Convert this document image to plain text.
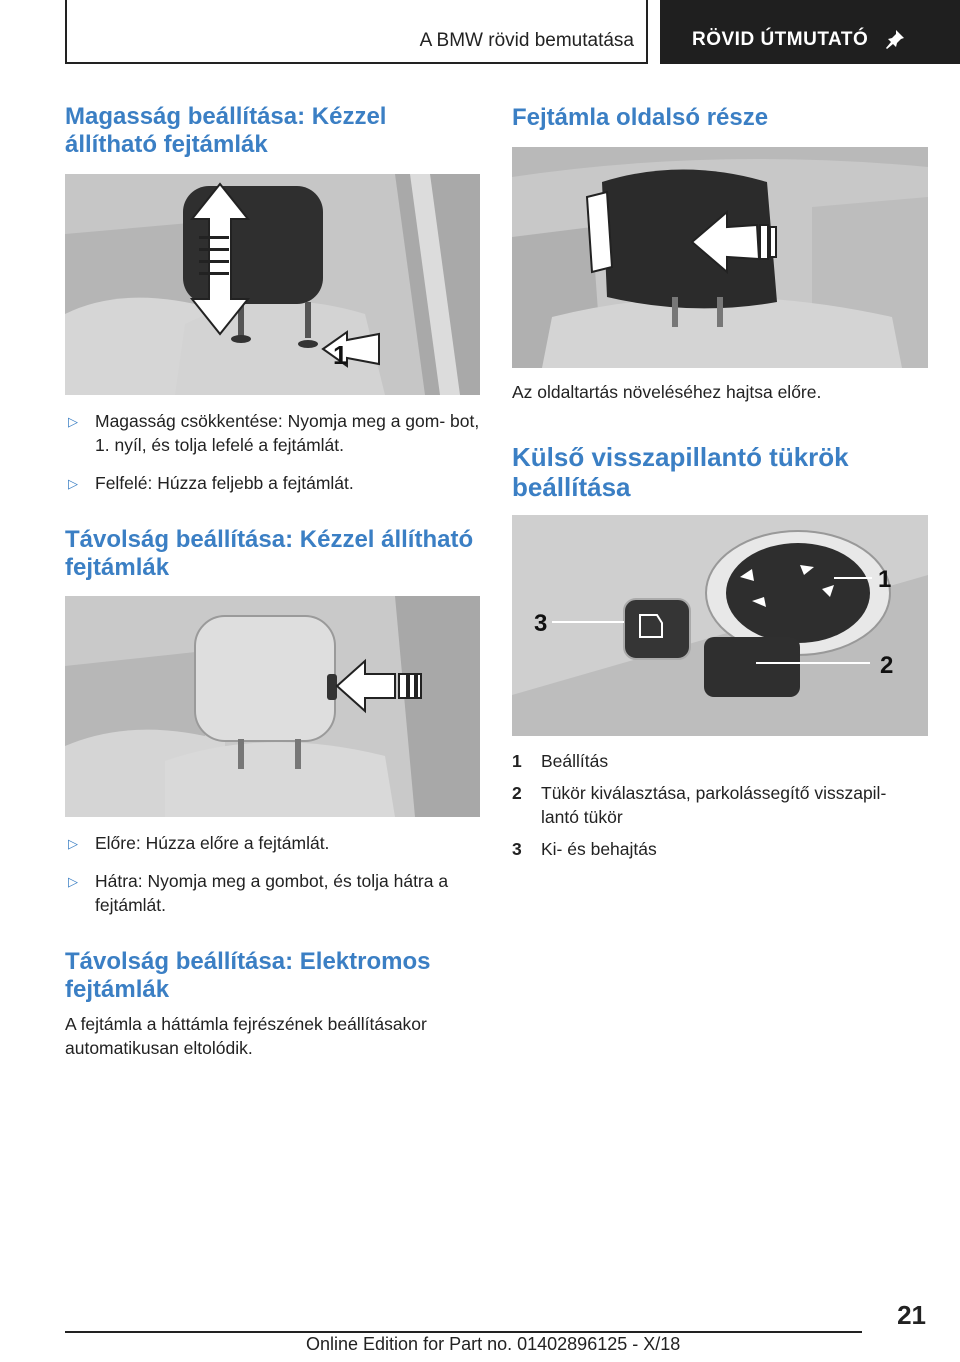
A BMW rövid bemutatása	RÖVID ÚTMUTATÓ
Magasság beállítása: Kézzel állítható fejtámlák
1
▷ Magasság csökkentése: Nyomja meg a gom- bot, 1. nyíl, és tolja lefelé a fejtámlát.
▷ Felfelé: Húzza feljebb a fejtámlát.
Távolság beállítása: Kézzel állítható fejtámlák
▷ Előre: Húzza előre a fejtámlát.
▷ Hátra: Nyomja meg a gombot, és tolja hátra a fejtámlát.
Távolság beállítása: Elektromos fejtámlák

A fejtámla a háttámla fejrészének beállításakor automatikusan eltolódik.

Fejtámla oldalsó része

Az oldaltartás növeléséhez hajtsa előre.

Külső visszapillantó tükrök beállítása
1
2
3
1 Beállítás
2 Tükör kiválasztása, parkolássegítő visszapil- lantó tükör
3 Ki- és behajtás
21
Online Edition for Part no. 01402896125 - X/18
